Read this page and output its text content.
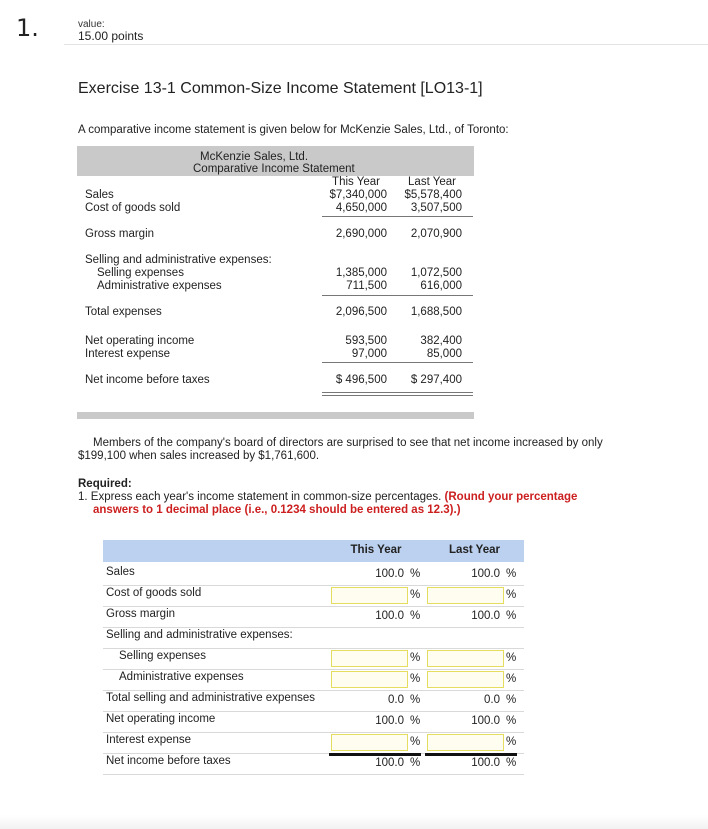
1.	value:
15.00 points
Exercise 13-1 Common-Size Income Statement [LO13-1]
A comparative income statement is given below for McKenzie Sales, Ltd., of Toronto:
McKenzie Sales, Ltd.
Comparative Income Statement
This Year	Last Year
Sales	$7,340,000	$5,578,400
Cost of goods sold	4,650,000	3,507,500
Gross margin	2,690,000	2,070,900
Selling and administrative expenses:
Selling expenses	1,385,000	1,072,500
Administrative expenses	711,500	616,000
Total expenses	2,096,500	1,688,500
Net operating income	593,500	382,400
Interest expense	97,000	85,000
Net income before taxes	$ 496,500	$ 297,400
Members of the company's board of directors are surprised to see that net income increased by only
$199,100 when sales increased by $1,761,600.
Required:
1. Express each year's income statement in common-size percentages. (Round your percentage
answers to 1 decimal place (i.e., 0.1234 should be entered as 12.3).)
This Year	Last Year
Sales	100.0 %	100.0 %
Cost of goods sold	%	%
Gross margin	100.0 %	100.0 %
Selling and administrative expenses:
Selling expenses	%	%
Administrative expenses	%	%
Total selling and administrative expenses	0.0 %	0.0 %
Net operating income	100.0 %	100.0 %
Interest expense	%	%
Net income before taxes	100.0 %	100.0 %
